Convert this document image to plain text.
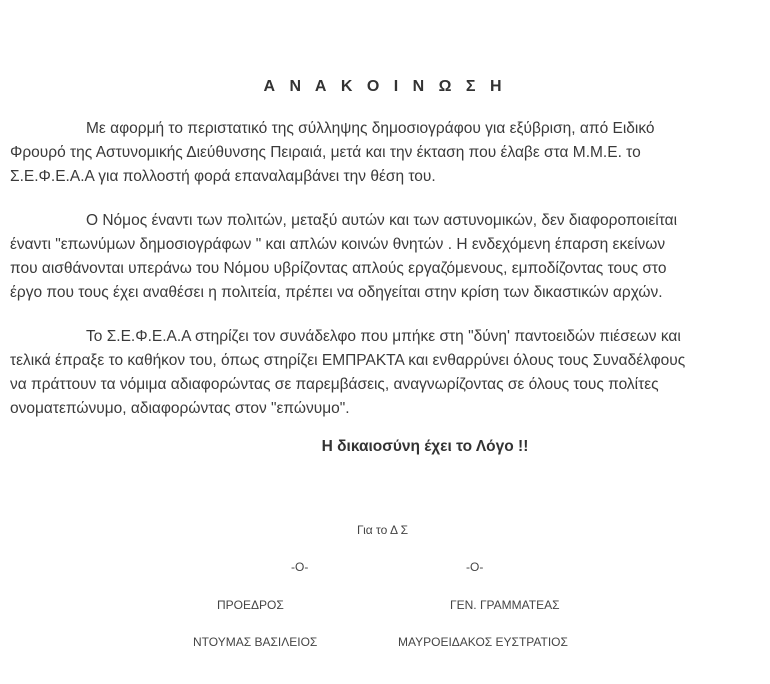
Α Ν Α Κ Ο Ι Ν Ω Σ Η
Με αφορμή το περιστατικό της σύλληψης δημοσιογράφου για εξύβριση, από Ειδικό
Φρουρό της Αστυνομικής Διεύθυνσης Πειραιά, μετά και την έκταση που έλαβε στα Μ.Μ.Ε. το
Σ.Ε.Φ.Ε.Α.Α για πολλοστή φορά επαναλαμβάνει την θέση του.
Ο Νόμος έναντι των πολιτών, μεταξύ αυτών και των αστυνομικών, δεν διαφοροποιείται
έναντι "επωνύμων δημοσιογράφων " και απλών κοινών θνητών . Η ενδεχόμενη έπαρση εκείνων
που αισθάνονται υπεράνω του Νόμου υβρίζοντας απλούς εργαζόμενους, εμποδίζοντας τους στο
έργο που τους έχει αναθέσει η πολιτεία, πρέπει να οδηγείται στην κρίση των δικαστικών αρχών.
Το Σ.Ε.Φ.Ε.Α.Α στηρίζει τον συνάδελφο που μπήκε στη "δύνη' παντοειδών πιέσεων και
τελικά έπραξε το καθήκον του, όπως στηρίζει ΕΜΠΡΑΚΤΑ και ενθαρρύνει όλους τους Συναδέλφους
να πράττουν τα νόμιμα αδιαφορώντας σε παρεμβάσεις, αναγνωρίζοντας σε όλους τους πολίτες
ονοματεπώνυμο, αδιαφορώντας στον "επώνυμο".
Η δικαιοσύνη έχει το Λόγο !!
Για το Δ Σ
-Ο-	-Ο-
ΠΡΟΕΔΡΟΣ	ΓΕΝ. ΓΡΑΜΜΑΤΕΑΣ
ΝΤΟΥΜΑΣ ΒΑΣΙΛΕΙΟΣ	ΜΑΥΡΟΕΙΔΑΚΟΣ ΕΥΣΤΡΑΤΙΟΣ
